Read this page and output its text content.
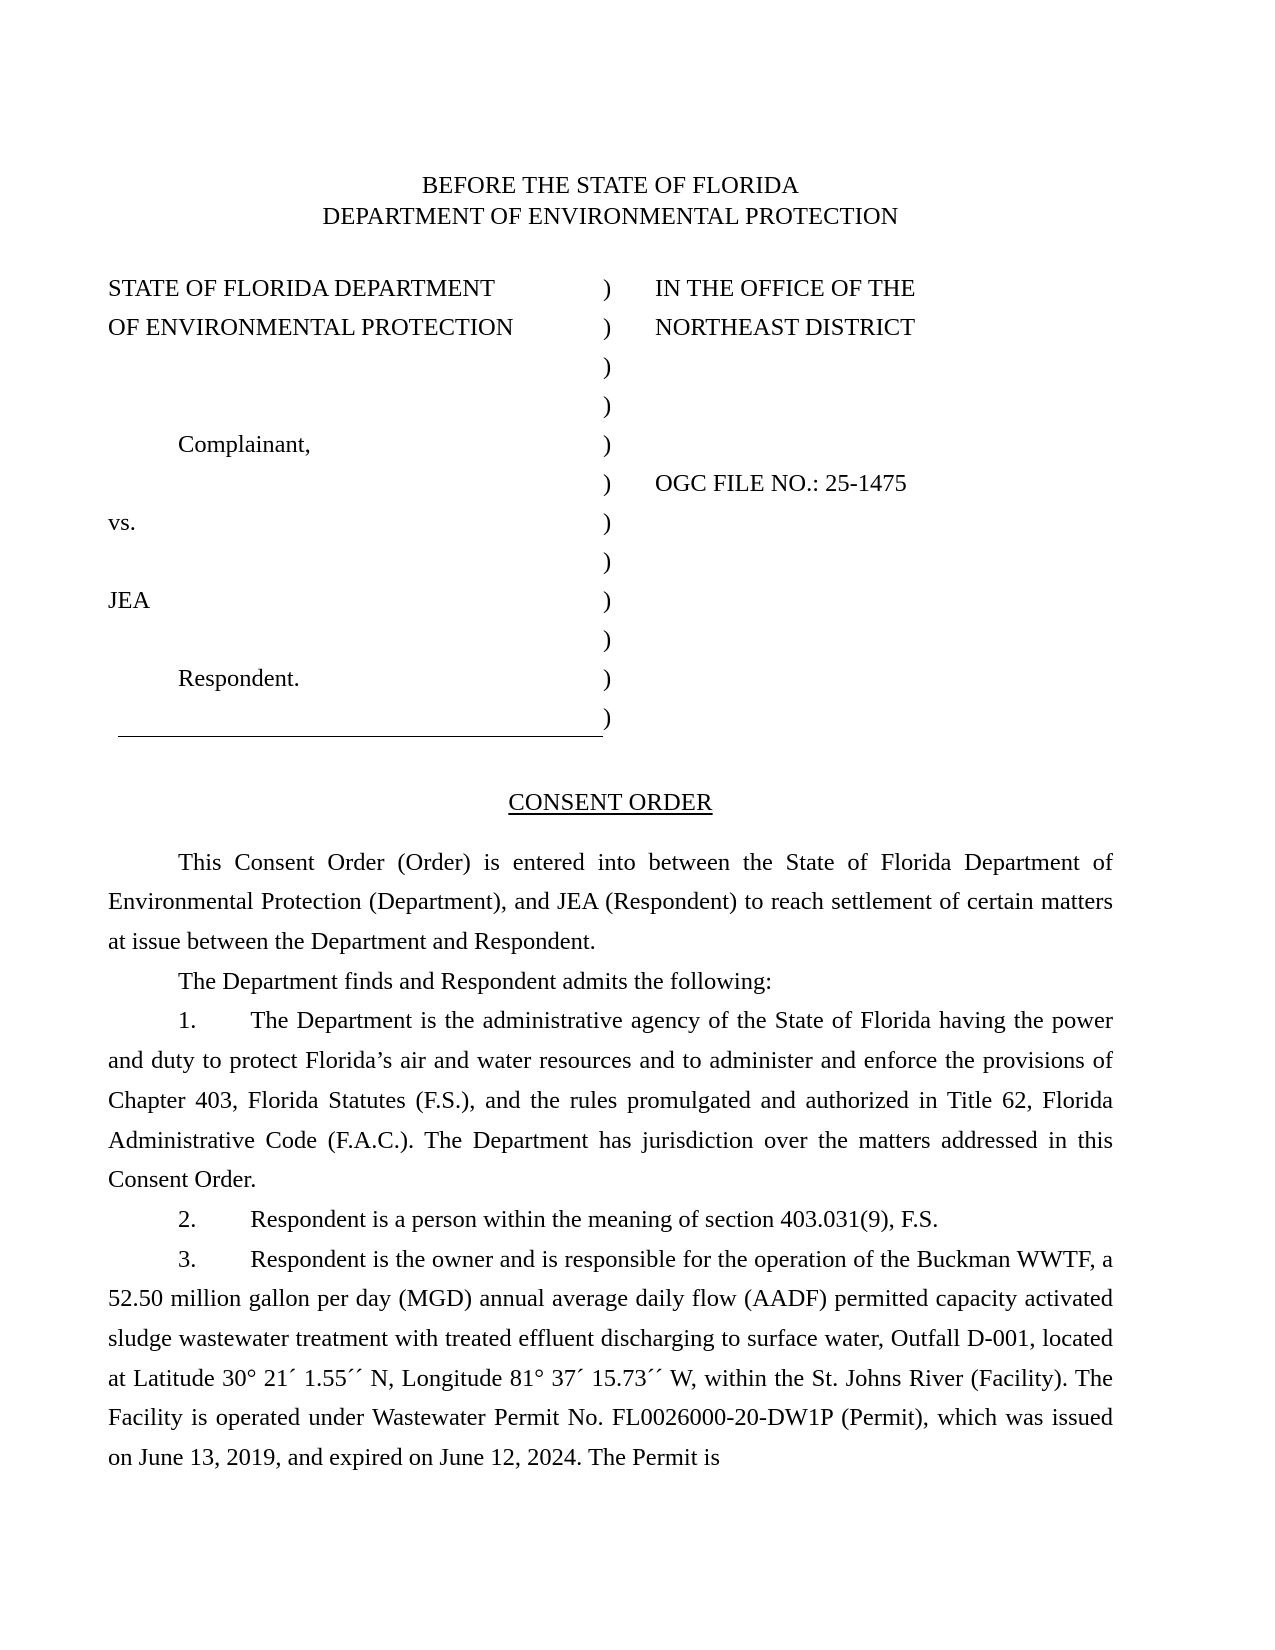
BEFORE THE STATE OF FLORIDA
DEPARTMENT OF ENVIRONMENTAL PROTECTION
STATE OF FLORIDA DEPARTMENT	)	IN THE OFFICE OF THE
OF ENVIRONMENTAL PROTECTION	)	NORTHEAST DISTRICT
)
)
Complainant,	)
)	OGC FILE NO.: 25-1475
vs.	)
)
JEA	)
)
Respondent.	)
)
CONSENT ORDER

This Consent Order (Order) is entered into between the State of Florida Department of Environmental Protection (Department), and JEA (Respondent) to reach settlement of certain matters at issue between the Department and Respondent.

The Department finds and Respondent admits the following:

1. The Department is the administrative agency of the State of Florida having the power and duty to protect Florida’s air and water resources and to administer and enforce the provisions of Chapter 403, Florida Statutes (F.S.), and the rules promulgated and authorized in Title 62, Florida Administrative Code (F.A.C.). The Department has jurisdiction over the matters addressed in this Consent Order.

2. Respondent is a person within the meaning of section 403.031(9), F.S.

3. Respondent is the owner and is responsible for the operation of the Buckman WWTF, a 52.50 million gallon per day (MGD) annual average daily flow (AADF) permitted capacity activated sludge wastewater treatment with treated effluent discharging to surface water, Outfall D-001, located at Latitude 30° 21´ 1.55´´ N, Longitude 81° 37´ 15.73´´ W, within the St. Johns River (Facility). The Facility is operated under Wastewater Permit No. FL0026000-20-DW1P (Permit), which was issued on June 13, 2019, and expired on June 12, 2024. The Permit is
